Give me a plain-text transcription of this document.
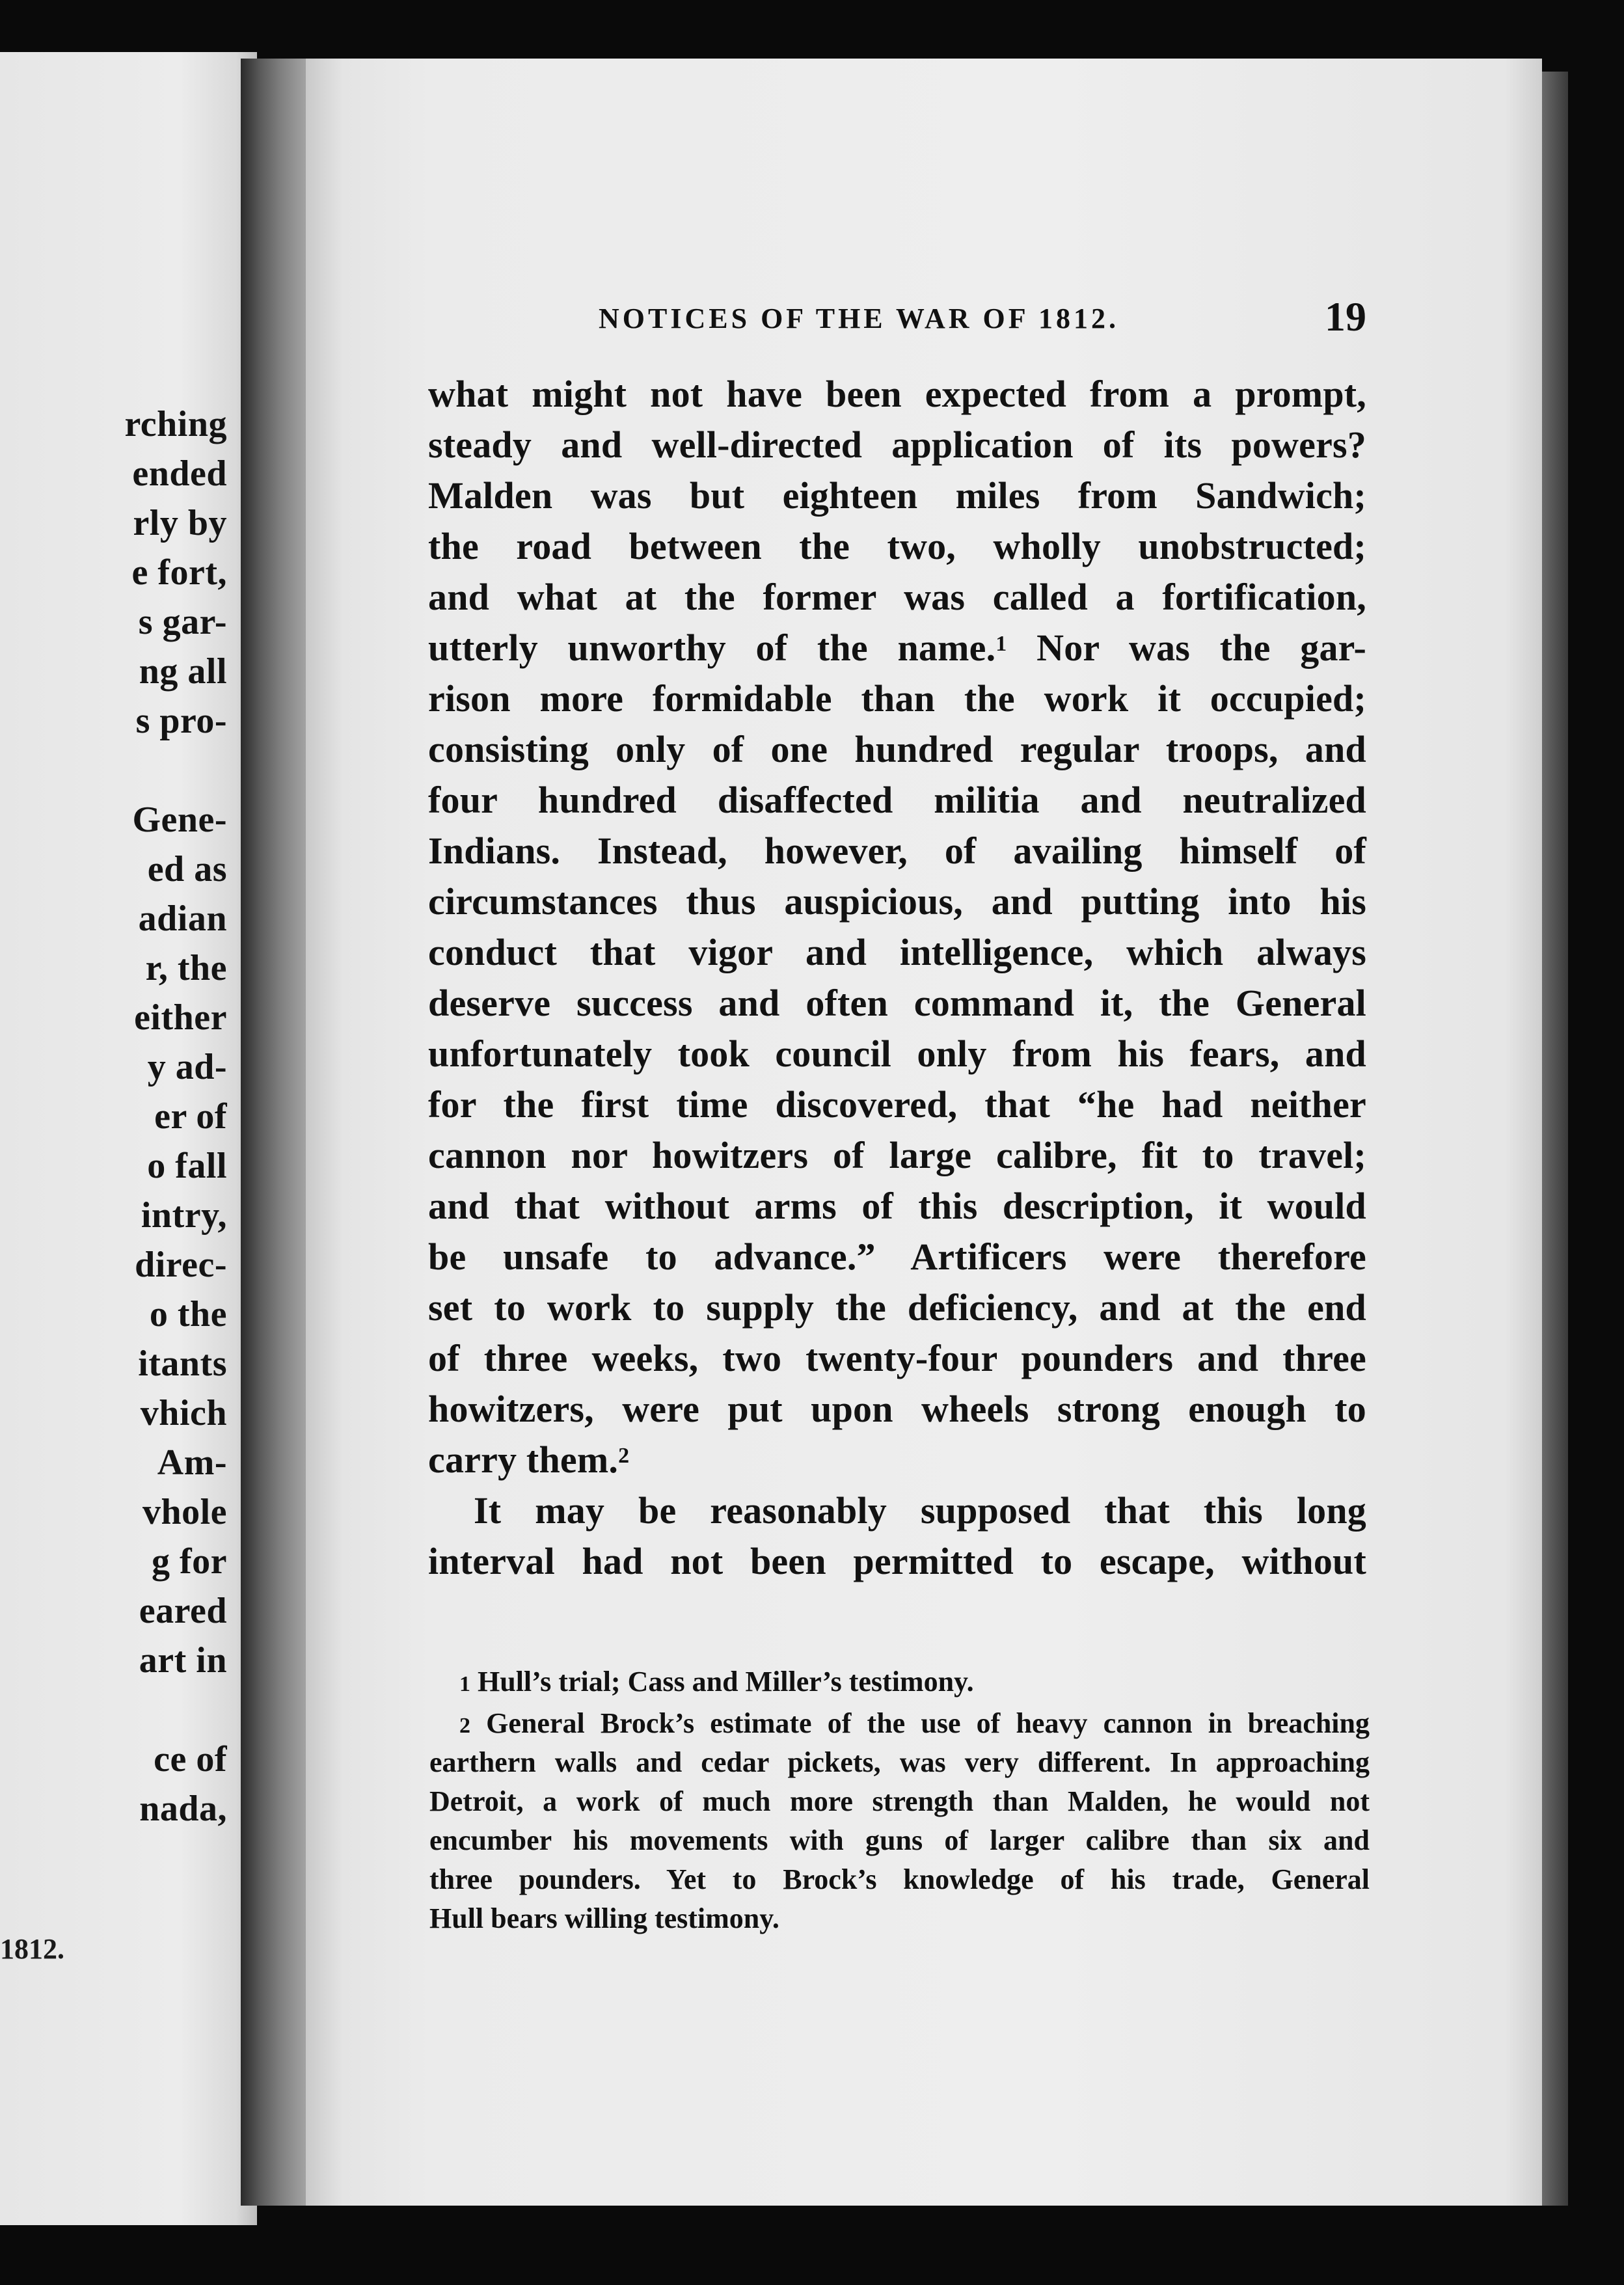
rching
ended
rly by
e fort,
s gar-
ng all
s pro-
Gene-
ed as
adian
r, the
either
y ad-
er of
o fall
intry,
direc-
o the
itants
vhich
Am-
vhole
g for
eared
art in
ce of
nada,
1812.
NOTICES OF THE WAR OF 1812.	19
what might not have been expected from a prompt,
steady and well-directed application of its powers?
Malden was but eighteen miles from Sandwich;
the road between the two, wholly unobstructed;
and what at the former was called a fortification,
utterly unworthy of the name.$^1$ Nor was the gar-
rison more formidable than the work it occupied;
consisting only of one hundred regular troops, and
four hundred disaffected militia and neutralized
Indians. Instead, however, of availing himself of
circumstances thus auspicious, and putting into his
conduct that vigor and intelligence, which always
deserve success and often command it, the General
unfortunately took council only from his fears, and
for the first time discovered, that “he had neither
cannon nor howitzers of large calibre, fit to travel;
and that without arms of this description, it would
be unsafe to advance.” Artificers were therefore
set to work to supply the deficiency, and at the end
of three weeks, two twenty-four pounders and three
howitzers, were put upon wheels strong enough to
carry them.$^2$
It may be reasonably supposed that this long
interval had not been permitted to escape, without
1 Hull’s trial; Cass and Miller’s testimony.
2 General Brock’s estimate of the use of heavy cannon in breaching
earthern walls and cedar pickets, was very different. In approaching
Detroit, a work of much more strength than Malden, he would not
encumber his movements with guns of larger calibre than six and
three pounders. Yet to Brock’s knowledge of his trade, General
Hull bears willing testimony.
